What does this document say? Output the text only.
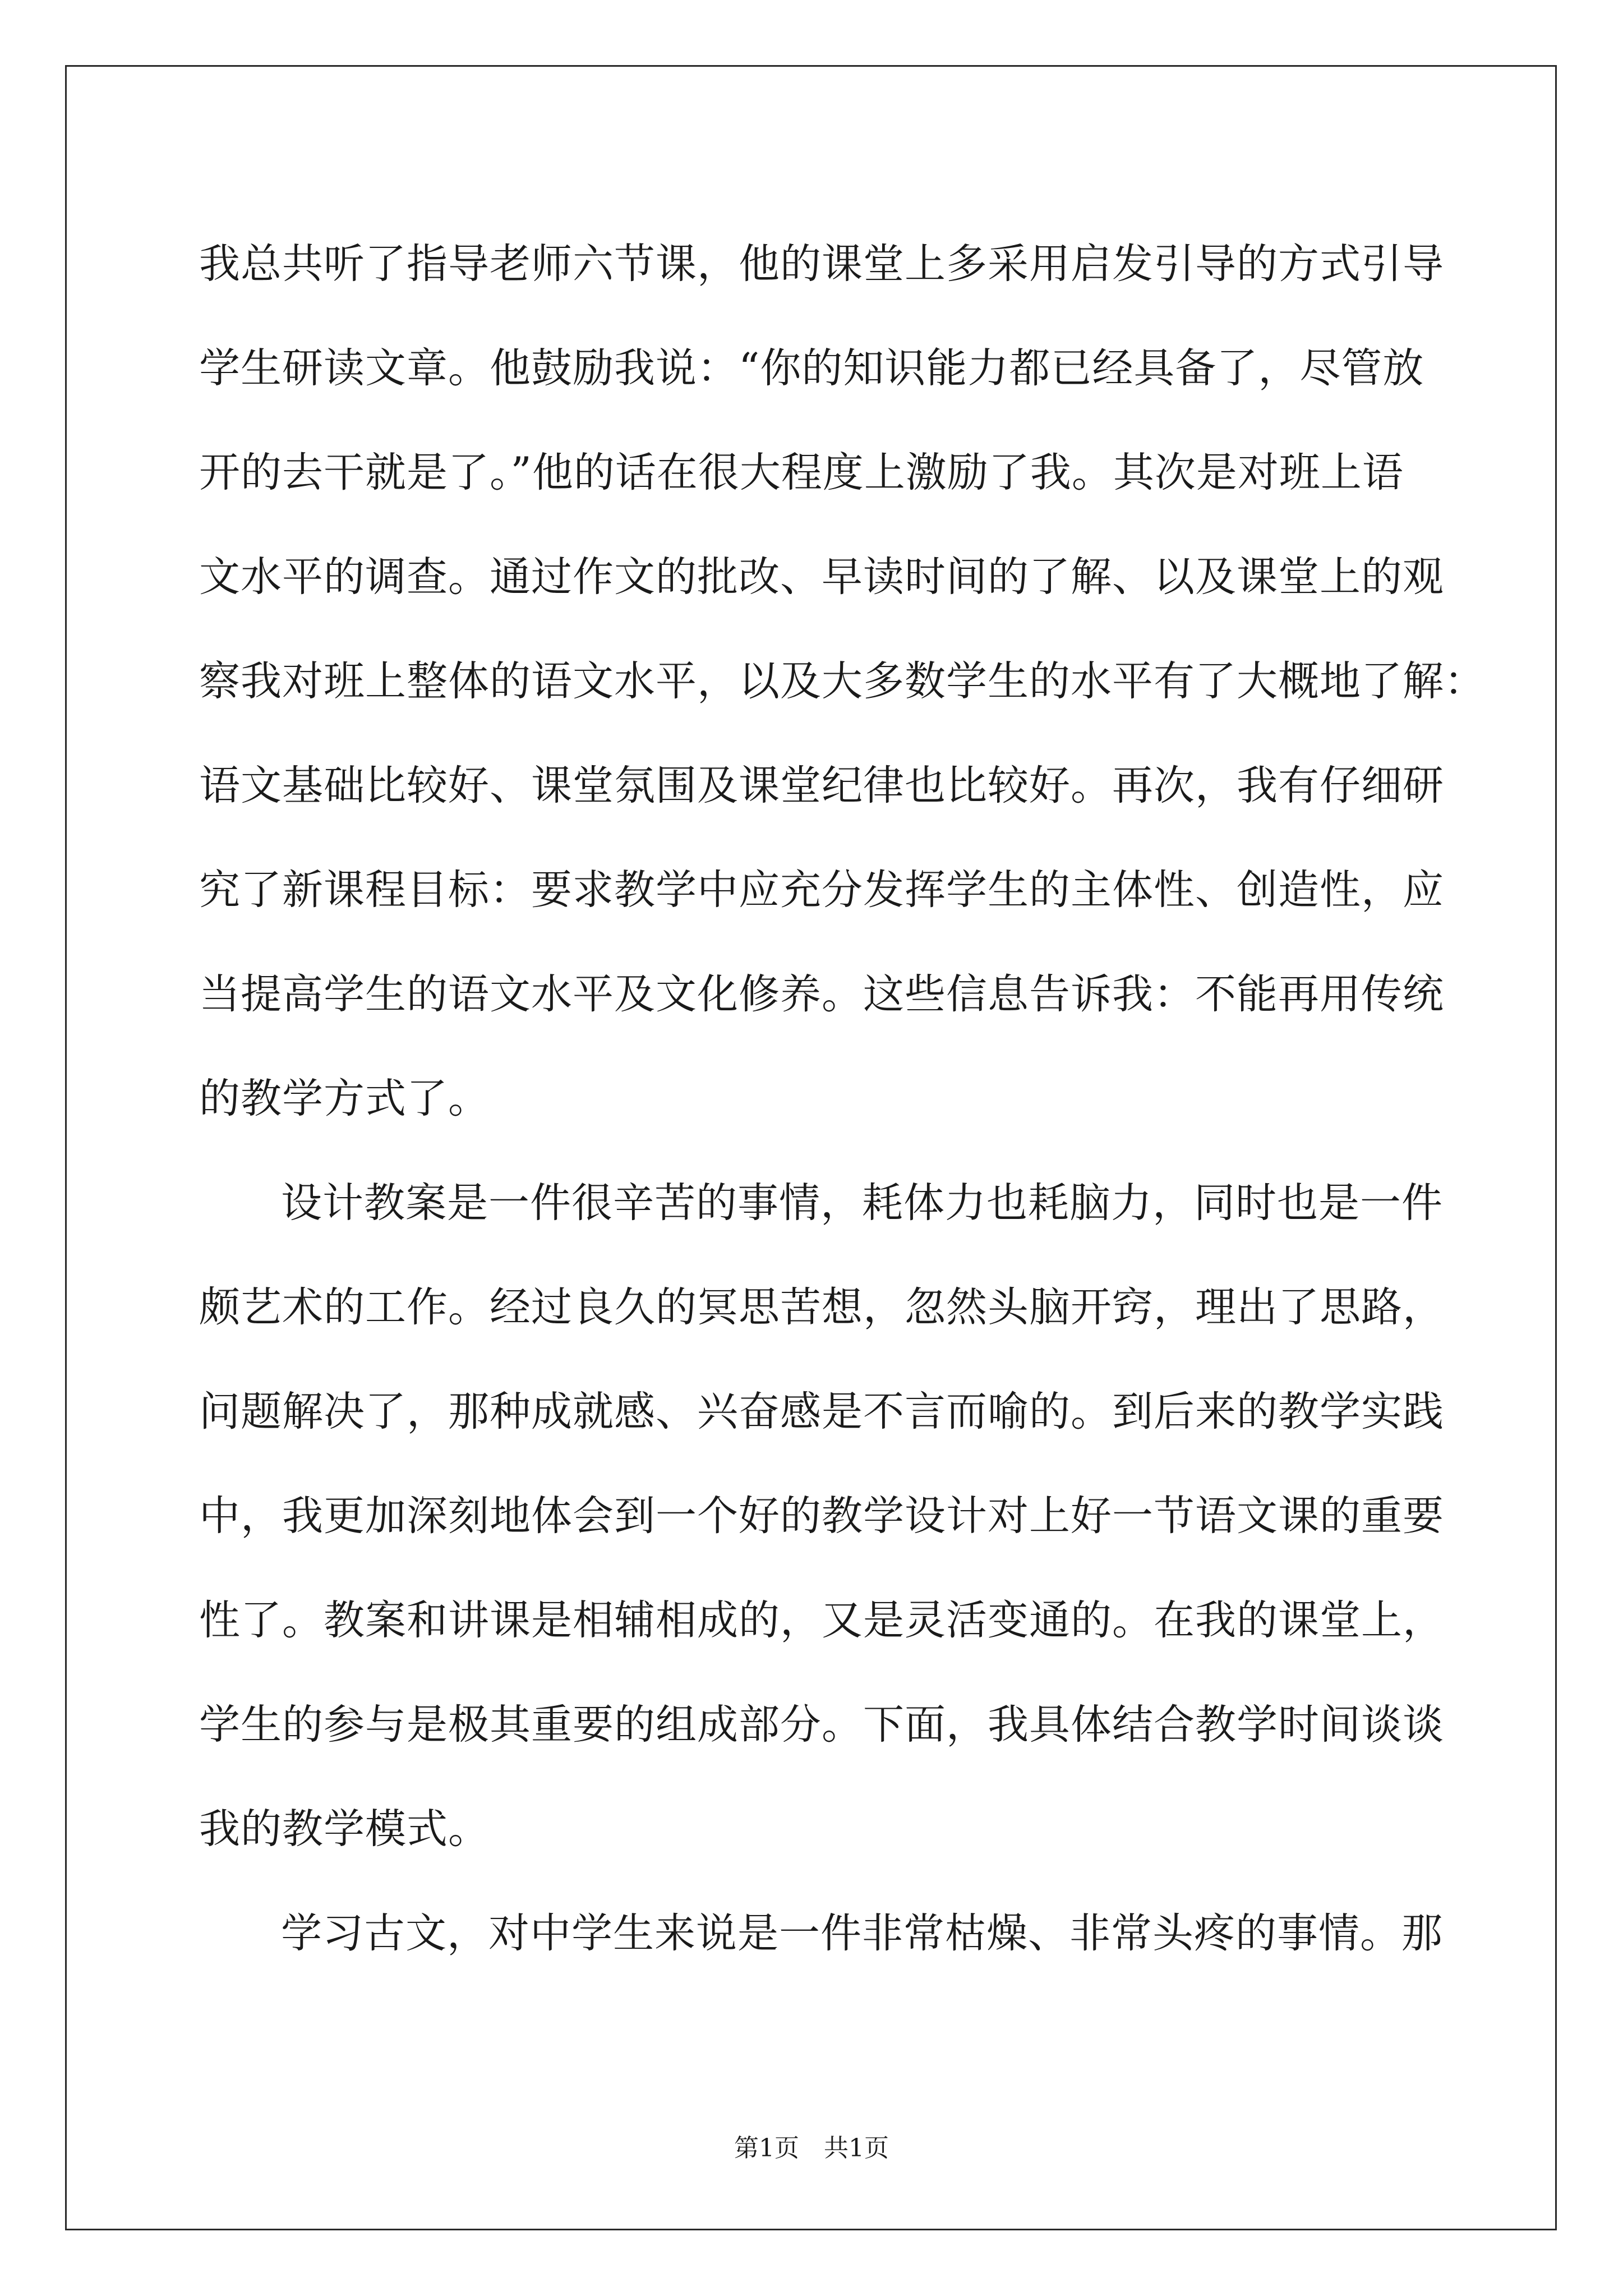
我总共听了指导老师六节课，他的课堂上多采用启发引导的方式引导
学生研读文章。他鼓励我说：“你的知识能力都已经具备了，尽管放
开的去干就是了。”他的话在很大程度上激励了我。其次是对班上语
文水平的调查。通过作文的批改、早读时间的了解、以及课堂上的观
察我对班上整体的语文水平，以及大多数学生的水平有了大概地了解：
语文基础比较好、课堂氛围及课堂纪律也比较好。再次，我有仔细研
究了新课程目标：要求教学中应充分发挥学生的主体性、创造性，应
当提高学生的语文水平及文化修养。这些信息告诉我：不能再用传统
的教学方式了。
设计教案是一件很辛苦的事情，耗体力也耗脑力，同时也是一件
颇艺术的工作。经过良久的冥思苦想，忽然头脑开窍，理出了思路，
问题解决了，那种成就感、兴奋感是不言而喻的。到后来的教学实践
中，我更加深刻地体会到一个好的教学设计对上好一节语文课的重要
性了。教案和讲课是相辅相成的，又是灵活变通的。在我的课堂上，
学生的参与是极其重要的组成部分。下面，我具体结合教学时间谈谈
我的教学模式。
学习古文，对中学生来说是一件非常枯燥、非常头疼的事情。那
第1页 共1页
